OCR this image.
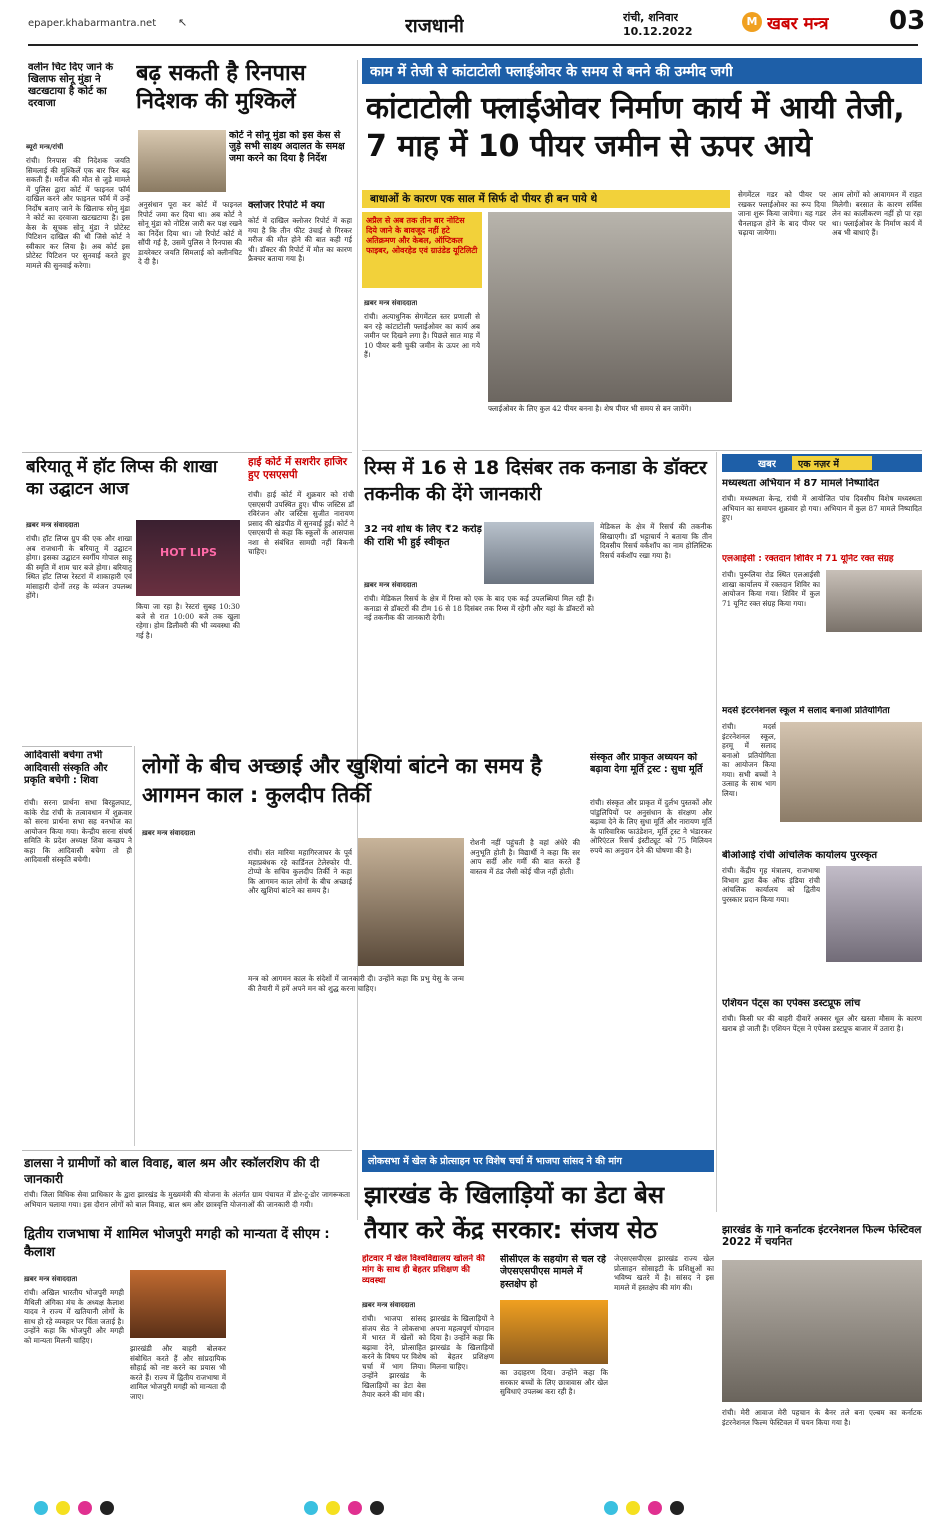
epaper.khabarmantra.net ↖	राजधानी	रांची, शनिवार
10.12.2022
M खबर मन्त्र 03
वलीन चिट दिए जाने के खिलाफ सोनू मुंडा ने खटखटाया है कोर्ट का दरवाजा
बढ़ सकती है रिनपास निदेशक की मुश्किलें
ब्यूरो मन्त्र/रांची
रांची। रिनपास की निदेशक जयति सिमलाई की मुश्किलें एक बार फिर बढ़ सकती हैं। मरीज की मौत से जुड़े मामले में पुलिस द्वारा कोर्ट में फाइनल फॉर्म दाखिल करने और फाइनल फॉर्म में उन्हें निर्दोष बताए जाने के खिलाफ सोनू मुंडा ने कोर्ट का दरवाजा खटखटाया है। इस केस के सूचक सोनू मुंडा ने प्रोटेस्ट पिटिशन दाखिल की थी जिसे कोर्ट ने स्वीकार कर लिया है। अब कोर्ट इस प्रोटेस्ट पिटिशन पर सुनवाई करते हुए मामले की सुनवाई करेगा।
कोर्ट ने सोनू मुंडा को इस केस से जुड़े सभी साक्ष्य अदालत के समक्ष जमा करने का दिया है निर्देश
अनुसंधान पूरा कर कोर्ट में फाइनल रिपोर्ट जमा कर दिया था। अब कोर्ट ने सोनू मुंडा को नोटिस जारी कर पक्ष रखने का निर्देश दिया था। जो रिपोर्ट कोर्ट में सौंपी गई है, उसमें पुलिस ने रिनपास की डायरेक्टर जयति सिमलाई को क्लीनचिट दे दी है।
क्लोजर रिपोर्ट में क्या
कोर्ट में दाखिल क्लोजर रिपोर्ट में कहा गया है कि तीन फीट उंचाई से गिरकर मरीज की मौत होने की बात कही गई थी। डॉक्टर की रिपोर्ट में मौत का कारण फ्रैक्चर बताया गया है।
काम में तेजी से कांटाटोली फ्लाईओवर के समय से बनने की उम्मीद जगी
कांटाटोली फ्लाईओवर निर्माण कार्य में आयी तेजी, 7 माह में 10 पीयर जमीन से ऊपर आये
बाधाओं के कारण एक साल में सिर्फ दो पीयर ही बन पाये थे
अप्रैल से अब तक तीन बार नोटिस दिये जाने के बावजूद नहीं हटे अतिक्रमण और केबल, ऑप्टिकल फाइबर, ओवरहेड एवं ग्राउंडेड यूटिलिटी
ख़बर मन्त्र संवाददाता
रांची। अत्याधुनिक सेगमेंटल स्तर प्रणाली से बन रहे कांटाटोली फ्लाईओवर का कार्य अब जमीन पर दिखने लगा है। पिछले सात माह में 10 पीयर बनी चुकी जमीन के ऊपर आ गये हैं।
फ्लाईओवर के लिए कुल 42 पीयर बनना है। शेष पीयर भी समय से बन जायेंगे।
सेगमेंटल गडर को पीयर पर रखकर फ्लाईओवर का रूप दिया जाना शुरू किया जायेगा। यह गडर चैनलाइज होने के बाद पीयर पर चढ़ाया जायेगा।
आम लोगों को आवागमन में राहत मिलेगी। बरसात के कारण सर्विस लेन का कालीकरण नहीं हो पा रहा था। फ्लाईओवर के निर्माण कार्य में अब भी बाधाएं हैं।
बरियातू में हॉट लिप्स की शाखा का उद्घाटन आज
ख़बर मन्त्र संवाददाता
रांची। हॉट लिप्स ग्रुप की एक और शाखा अब राजधानी के बरियातू में उद्घाटन होगा। इसका उद्घाटन स्वर्गीय गोपाल साहू की स्मृति में शाम चार बजे होगा। बरियातू स्थित हॉट लिप्स रेस्टरां में शाकाहारी एवं मांसाहारी दोनों तरह के व्यंजन उपलब्ध होंगे।
HOT LIPS
किया जा रहा है। रेस्टरां सुबह 10:30 बजे से रात 10:00 बजे तक खुला रहेगा। होम डिलीवरी की भी व्यवस्था की गई है।
हाई कोर्ट में सशरीर हाजिर हुए एसएसपी
रांची। हाई कोर्ट में शुक्रवार को रांची एसएसपी उपस्थित हुए। चीफ जस्टिस डॉ रविरंजन और जस्टिस सुजीत नारायण प्रसाद की खंडपीठ में सुनवाई हुई। कोर्ट ने एसएसपी से कहा कि स्कूलों के आसपास नशा से संबंधित सामग्री नहीं बिकनी चाहिए।
रिम्स में 16 से 18 दिसंबर तक कनाडा के डॉक्टर तकनीक की देंगे जानकारी
32 नये शोध के लिए ₹2 करोड़ की राशि भी हुई स्वीकृत
ख़बर मन्त्र संवाददाता
रांची। मेडिकल रिसर्च के क्षेत्र में रिम्स को एक के बाद एक कई उपलब्धियां मिल रही हैं। कनाडा से डॉक्टरों की टीम 16 से 18 दिसंबर तक रिम्स में रहेगी और यहां के डॉक्टरों को नई तकनीक की जानकारी देगी।
मेडिकल के क्षेत्र में रिसर्च की तकनीक सिखाएगी। डॉ भट्टाचार्य ने बताया कि तीन दिवसीय रिसर्च वर्कशॉप का नाम होलिस्टिक रिसर्च वर्कशॉप रखा गया है।
खबर एक नज़र में
मध्यस्थता अभियान में 87 मामले निष्पादित
रांची। मध्यस्थता केन्द्र, रांची में आयोजित पांच दिवसीय विशेष मध्यस्थता अभियान का समापन शुक्रवार हो गया। अभियान में कुल 87 मामले निष्पादित हुए।
एलआईसी : रक्तदान शिविर में 71 यूनिट रक्त संग्रह
रांची। पुरूलिया रोड स्थित एलआईसी शाखा कार्यालय में रक्तदान शिविर का आयोजन किया गया। शिविर में कुल 71 यूनिट रक्त संग्रह किया गया।
मदर्स इंटरनेशनल स्कूल में सलाद बनाओ प्रतियोगिता
रांची। मदर्स इंटरनेशनल स्कूल, हरमू में सलाद बनाओ प्रतियोगिता का आयोजन किया गया। सभी बच्चों ने उत्साह के साथ भाग लिया।
बीओआई रांची आंचलिक कार्यालय पुरस्कृत
रांची। केंद्रीय गृह मंत्रालय, राजभाषा विभाग द्वारा बैंक ऑफ इंडिया रांची आंचलिक कार्यालय को द्वितीय पुरस्कार प्रदान किया गया।
एशियन पेंट्स का एपेक्स डस्टप्रूफ लांच
रांची। किसी घर की बाहरी दीवारें अक्सर धूल और खस्ता मौसम के कारण खराब हो जाती हैं। एशियन पेंट्स ने एपेक्स डस्टप्रूफ बाजार में उतारा है।
झारखंड के गाने कर्नाटक इंटरनेशनल फिल्म फेस्टिवल 2022 में चयनित
रांची। मेरी आवाज मेरी पहचान के बैनर तले बना एल्बम का कर्नाटक इंटरनेशनल फिल्म फेस्टिवल में चयन किया गया है।
आदिवासी बचेगा तभी आदिवासी संस्कृति और प्रकृति बचेगी : शिवा
रांची। सरना प्रार्थना सभा बिरहुलघाट, कांके रोड रांची के तत्वावधान में शुक्रवार को सरना प्रार्थना सभा सह वनभोज का आयोजन किया गया। केन्द्रीय सरना संघर्ष समिति के प्रदेश अध्यक्ष शिवा कच्छप ने कहा कि आदिवासी बचेगा तो ही आदिवासी संस्कृति बचेगी।
लोगों के बीच अच्छाई और खुशियां बांटने का समय है आगमन काल : कुलदीप तिर्की
ख़बर मन्त्र संवाददाता
रांची। संत मारिया महागिरजाघर के पूर्व महाप्रबंधक रहे कार्डिनल टेलेस्फोर पी. टोप्पो के सचिव कुलदीप तिर्की ने कहा कि आगमन काल लोगों के बीच अच्छाई और खुशियां बांटने का समय है।
मन्त्र को आगमन काल के संदेशों में जानकारी दी। उन्होंने कहा कि प्रभु येसु के जन्म की तैयारी में हमें अपने मन को शुद्ध करना चाहिए।
रोशनी नहीं पहुंचती है वहां अंधेरे की अनुभूति होती है। विद्यार्थी ने कहा कि सर आप सर्दी और गर्मी की बात करते हैं वास्तव में ठंड जैसी कोई चीज नहीं होती।
संस्कृत और प्राकृत अध्ययन को बढ़ावा देगा मूर्ति ट्रस्ट : सुधा मूर्ति
रांची। संस्कृत और प्राकृत में दुर्लभ पुस्तकों और पांडुलिपियों पर अनुसंधान के संरक्षण और बढ़ावा देने के लिए सुधा मूर्ति और नारायण मूर्ति के पारिवारिक फाउंडेशन, मूर्ति ट्रस्ट ने भंडारकर ओरिएंटल रिसर्च इंस्टीट्यूट को 75 मिलियन रुपये का अनुदान देने की घोषणा की है।
डालसा ने ग्रामीणों को बाल विवाह, बाल श्रम और स्कॉलरशिप की दी जानकारी
रांची। जिला विधिक सेवा प्राधिकार के द्वारा झारखंड के मुख्यमंत्री की योजना के अंतर्गत ग्राम पंचायत में डोर-टू-डोर जागरूकता अभियान चलाया गया। इस दौरान लोगों को बाल विवाह, बाल श्रम और छात्रवृत्ति योजनाओं की जानकारी दी गयी।
लोकसभा में खेल के प्रोत्साहन पर विशेष चर्चा में भाजपा सांसद ने की मांग
झारखंड के खिलाड़ियों का डेटा बेस तैयार करे केंद्र सरकार: संजय सेठ
होटवार में खेल विश्वविद्यालय खोलने की मांग के साथ ही बेहतर प्रशिक्षण की व्यवस्था
ख़बर मन्त्र संवाददाता
रांची। भाजपा सांसद संजय सेठ ने लोकसभा में भारत में खेलों को बढ़ावा देने, प्रोत्साहित करने के विषय पर विशेष चर्चा में भाग लिया। उन्होंने झारखंड के खिलाड़ियों का डेटा बेस तैयार करने की मांग की।
झारखंड के खिलाड़ियों ने अपना महत्वपूर्ण योगदान दिया है। उन्होंने कहा कि झारखंड के खिलाड़ियों को बेहतर प्रशिक्षण मिलना चाहिए।
सीसीएल के सहयोग से चल रहे जेएसएसपीएस मामले में हस्तक्षेप हो
का उदाहरण दिया। उन्होंने कहा कि सरकार बच्चों के लिए छात्रावास और खेल सुविधाएं उपलब्ध करा रही है।
जेएसएसपीएस झारखंड राज्य खेल प्रोत्साहन सोसाइटी के प्रशिक्षुओं का भविष्य खतरे में है। सांसद ने इस मामले में हस्तक्षेप की मांग की।
द्वितीय राजभाषा में शामिल भोजपुरी मगही को मान्यता दें सीएम : कैलाश
ख़बर मन्त्र संवाददाता
रांची। अखिल भारतीय भोजपुरी मगही मैथिली अंगिका मंच के अध्यक्ष कैलाश यादव ने राज्य में खतियानी लोगों के साथ हो रहे व्यवहार पर चिंता जताई है। उन्होंने कहा कि भोजपुरी और मगही को मान्यता मिलनी चाहिए।
झारखंडी और बाहरी बोलकर संबोधित करते हैं और सांप्रदायिक सौहार्द्र को नष्ट करने का प्रयास भी करते हैं। राज्य में द्वितीय राजभाषा में शामिल भोजपुरी मगही को मान्यता दी जाए।
